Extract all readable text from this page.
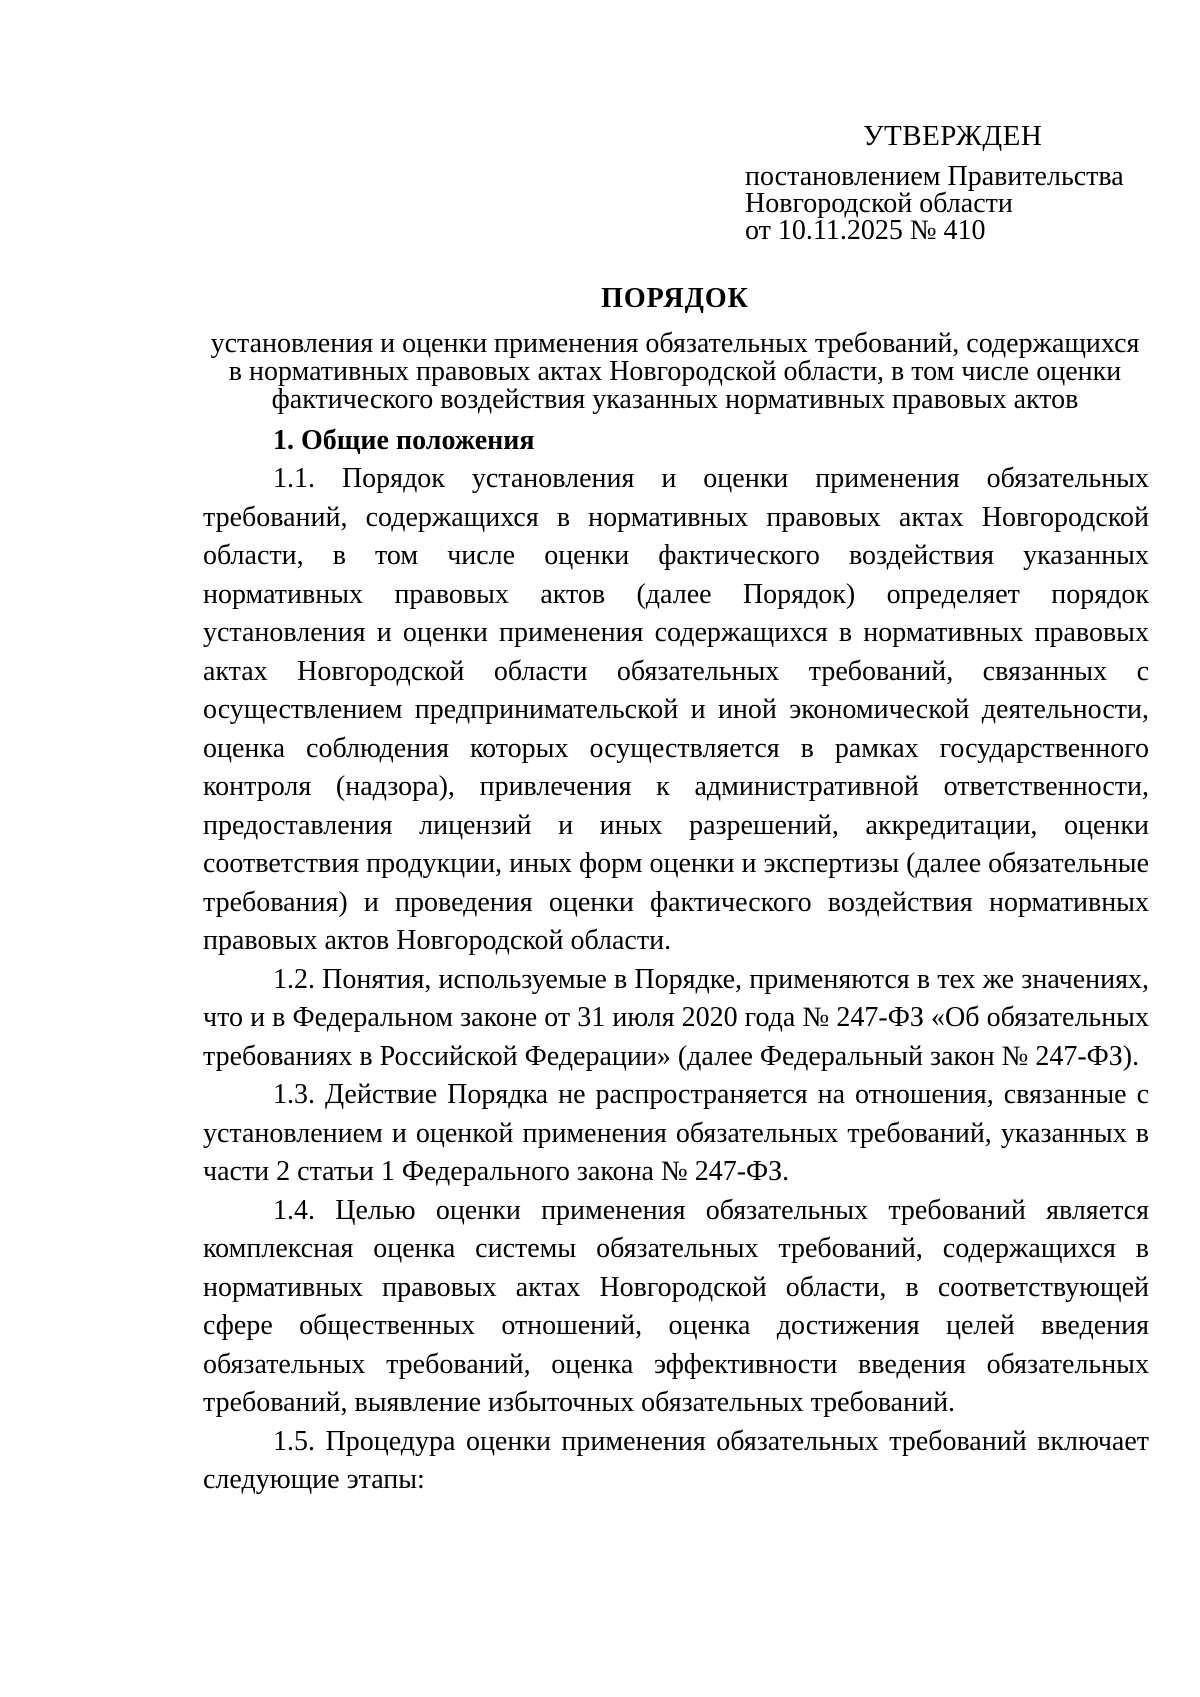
УТВЕРЖДЕН
постановлением Правительства
Новгородской области
от 10.11.2025 № 410
ПОРЯДОК
установления и оценки применения обязательных требований, содержащихся
в нормативных правовых актах Новгородской области, в том числе оценки
фактического воздействия указанных нормативных правовых актов

1. Общие положения

1.1. Порядок установления и оценки применения обязательных требований, содержащихся в нормативных правовых актах Новгородской области, в том числе оценки фактического воздействия указанных нормативных правовых актов (далее Порядок) определяет порядок установления и оценки применения содержащихся в нормативных правовых актах Новгородской области обязательных требований, связанных с осуществлением предпринимательской и иной экономической деятельности, оценка соблюдения которых осуществляется в рамках государственного контроля (надзора), привлечения к административной ответственности, предоставления лицензий и иных разрешений, аккредитации, оценки соответствия продукции, иных форм оценки и экспертизы (далее обязательные требования) и проведения оценки фактического воздействия нормативных правовых актов Новгородской области.

1.2. Понятия, используемые в Порядке, применяются в тех же значениях, что и в Федеральном законе от 31 июля 2020 года № 247-ФЗ «Об обязательных требованиях в Российской Федерации» (далее Федеральный закон № 247-ФЗ).

1.3. Действие Порядка не распространяется на отношения, связанные с установлением и оценкой применения обязательных требований, указанных в части 2 статьи 1 Федерального закона № 247-ФЗ.

1.4. Целью оценки применения обязательных требований является комплексная оценка системы обязательных требований, содержащихся в нормативных правовых актах Новгородской области, в соответствующей сфере общественных отношений, оценка достижения целей введения обязательных требований, оценка эффективности введения обязательных требований, выявление избыточных обязательных требований.

1.5. Процедура оценки применения обязательных требований включает следующие этапы:
